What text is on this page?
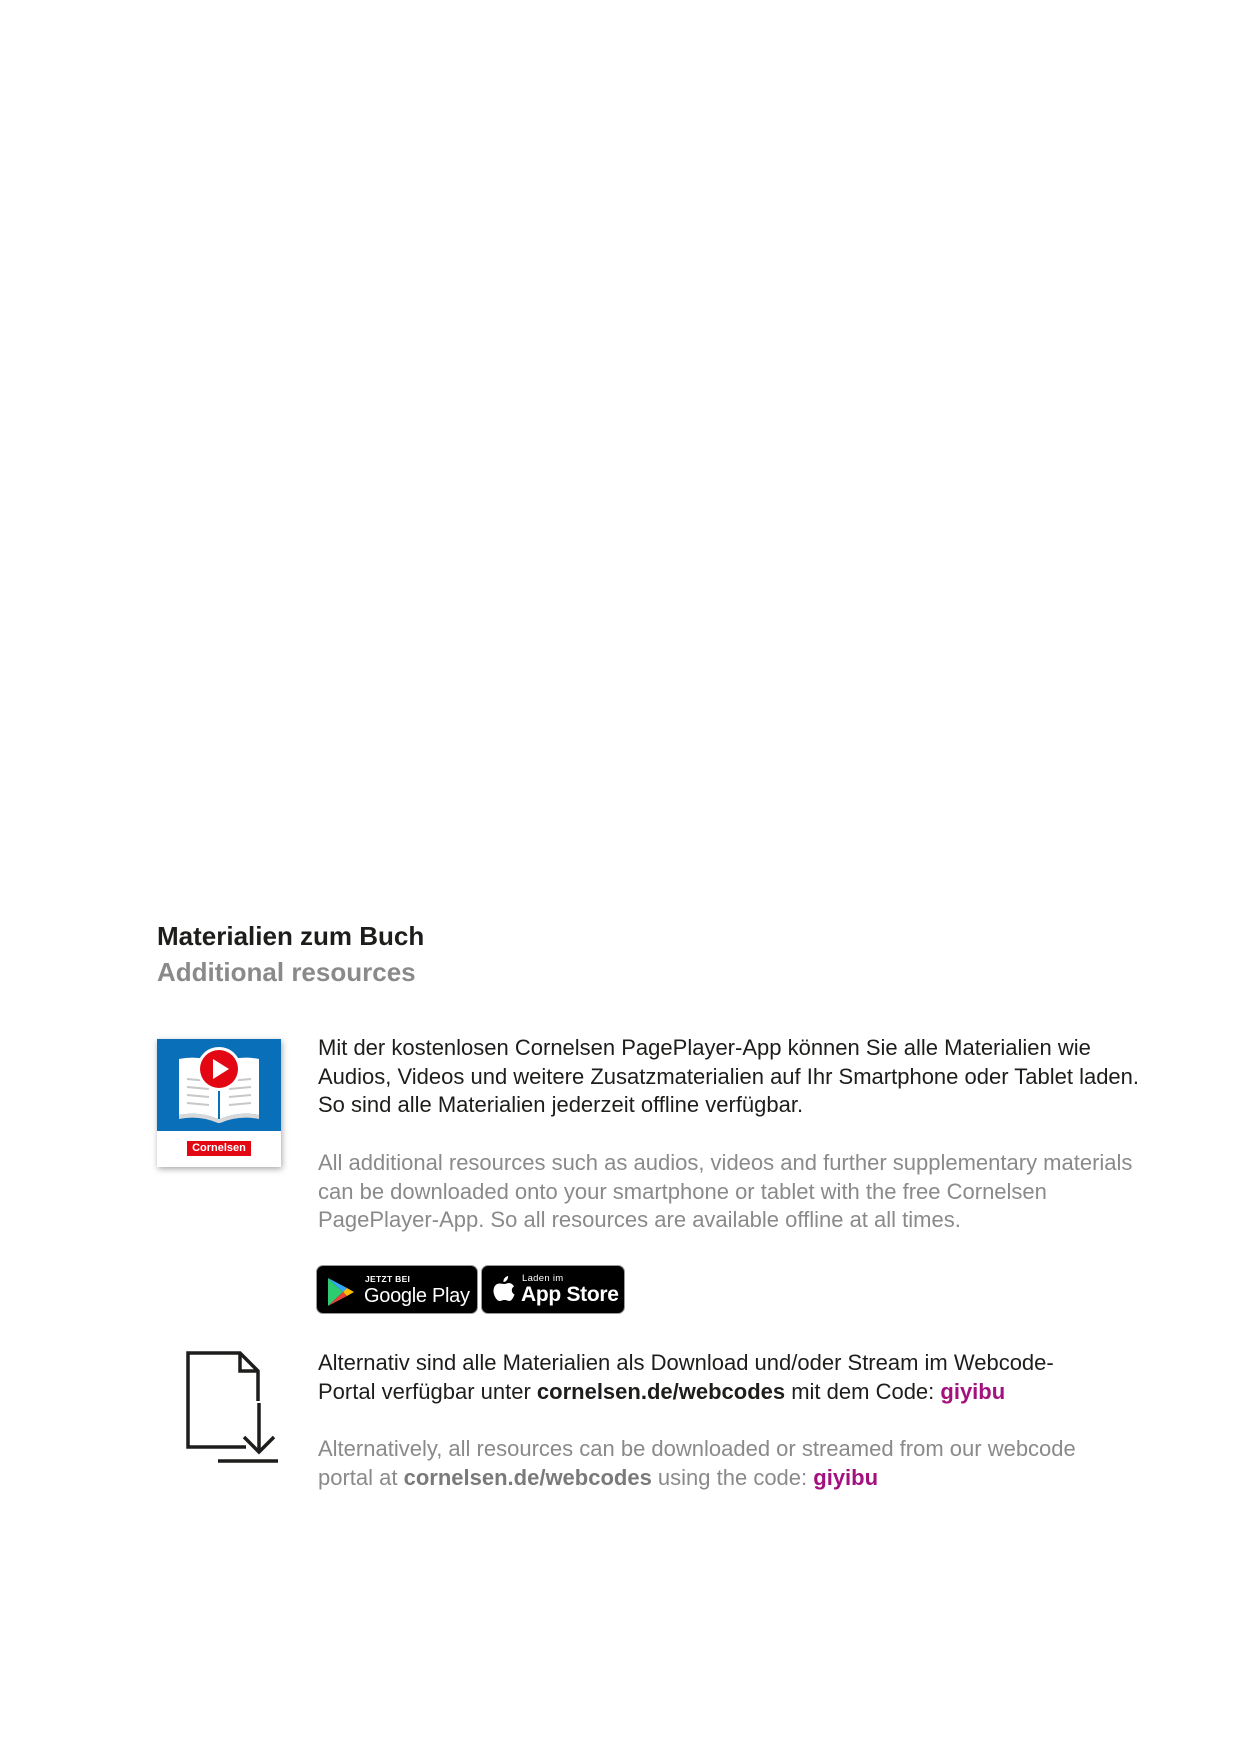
Materialien zum Buch
Additional resources
Cornelsen

Mit der kostenlosen Cornelsen PagePlayer-App können Sie alle Materialien wie Audios, Videos und weitere Zusatzmaterialien auf Ihr Smartphone oder Tablet laden. So sind alle Materialien jederzeit offline verfügbar.

All additional resources such as audios, videos and further supplementary materials can be downloaded onto your smartphone or tablet with the free Cornelsen PagePlayer-App. So all resources are available offline at all times.

JETZT BEI
Google Play
Laden im
App Store

Alternativ sind alle Materialien als Download und/oder Stream im Webcode-Portal verfügbar unter cornelsen.de/webcodes mit dem Code: giyibu

Alternatively, all resources can be downloaded or streamed from our webcode portal at cornelsen.de/webcodes using the code: giyibu
